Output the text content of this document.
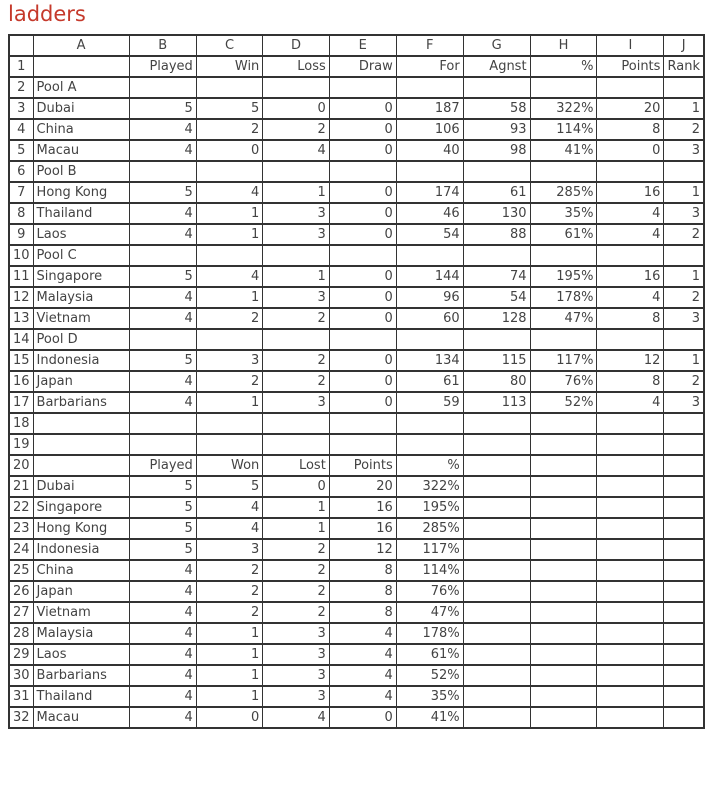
ladders
	A	B	C	D	E	F	G	H	I	J
1		Played	Win	Loss	Draw	For	Agnst	%	Points	Rank
2	Pool A									
3	Dubai	5	5	0	0	187	58	322%	20	1
4	China	4	2	2	0	106	93	114%	8	2
5	Macau	4	0	4	0	40	98	41%	0	3
6	Pool B									
7	Hong Kong	5	4	1	0	174	61	285%	16	1
8	Thailand	4	1	3	0	46	130	35%	4	3
9	Laos	4	1	3	0	54	88	61%	4	2
10	Pool C									
11	Singapore	5	4	1	0	144	74	195%	16	1
12	Malaysia	4	1	3	0	96	54	178%	4	2
13	Vietnam	4	2	2	0	60	128	47%	8	3
14	Pool D									
15	Indonesia	5	3	2	0	134	115	117%	12	1
16	Japan	4	2	2	0	61	80	76%	8	2
17	Barbarians	4	1	3	0	59	113	52%	4	3
18										
19										
20		Played	Won	Lost	Points	%				
21	Dubai	5	5	0	20	322%				
22	Singapore	5	4	1	16	195%				
23	Hong Kong	5	4	1	16	285%				
24	Indonesia	5	3	2	12	117%				
25	China	4	2	2	8	114%				
26	Japan	4	2	2	8	76%				
27	Vietnam	4	2	2	8	47%				
28	Malaysia	4	1	3	4	178%				
29	Laos	4	1	3	4	61%				
30	Barbarians	4	1	3	4	52%				
31	Thailand	4	1	3	4	35%				
32	Macau	4	0	4	0	41%				
